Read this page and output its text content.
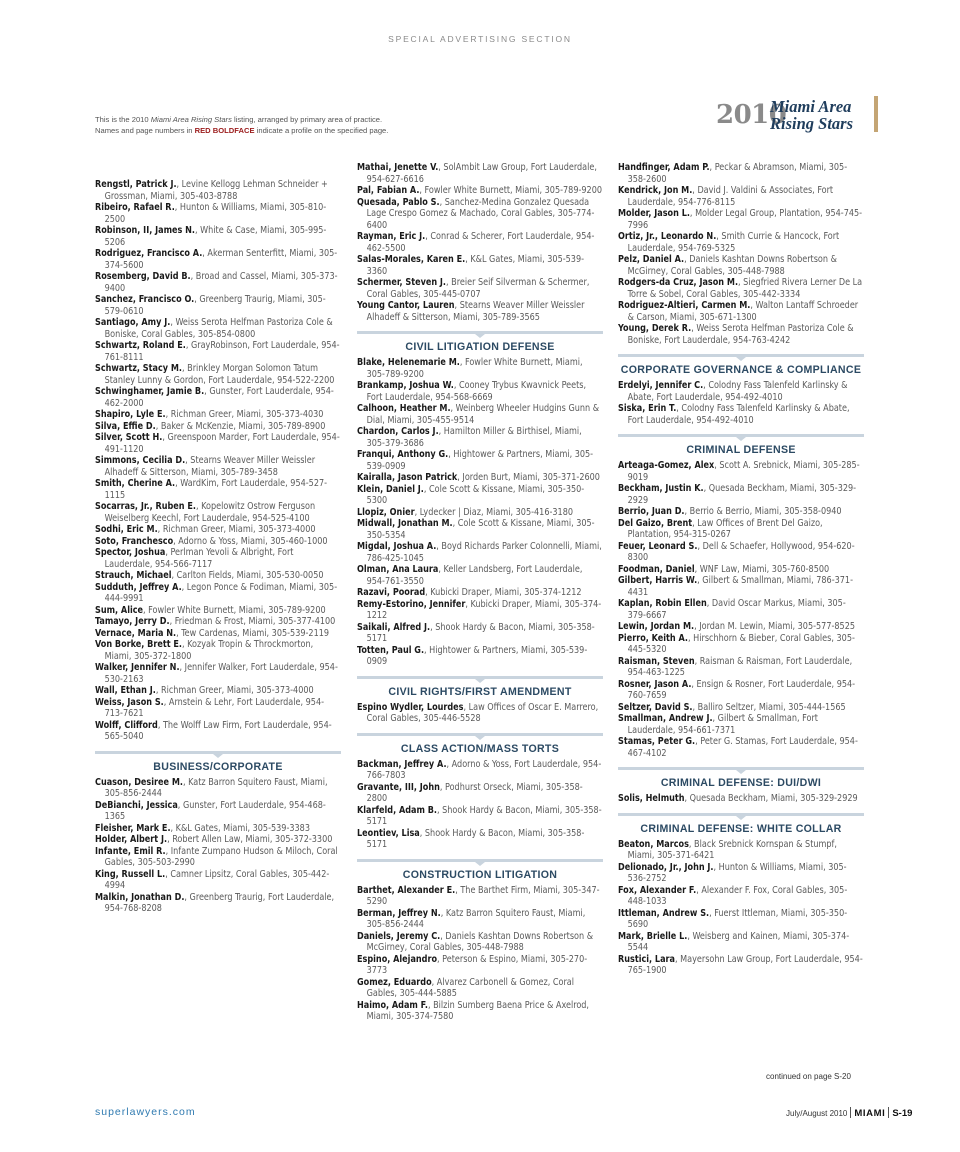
SPECIAL ADVERTISING SECTION
This is the 2010 Miami Area Rising Stars listing, arranged by primary area of practice.
Names and page numbers in RED BOLDFACE indicate a profile on the specified page.	2010
Miami Area
Rising Stars
Rengstl, Patrick J., Levine Kellogg Lehman Schneider + Grossman, Miami, 305-403-8788
Ribeiro, Rafael R., Hunton & Williams, Miami, 305-810-2500
Robinson, II, James N., White & Case, Miami, 305-995-5206
Rodriguez, Francisco A., Akerman Senterfitt, Miami, 305-374-5600
Rosemberg, David B., Broad and Cassel, Miami, 305-373-9400
Sanchez, Francisco O., Greenberg Traurig, Miami, 305-579-0610
Santiago, Amy J., Weiss Serota Helfman Pastoriza Cole & Boniske, Coral Gables, 305-854-0800
Schwartz, Roland E., GrayRobinson, Fort Lauderdale, 954-761-8111
Schwartz, Stacy M., Brinkley Morgan Solomon Tatum Stanley Lunny & Gordon, Fort Lauderdale, 954-522-2200
Schwinghamer, Jamie B., Gunster, Fort Lauderdale, 954-462-2000
Shapiro, Lyle E., Richman Greer, Miami, 305-373-4030
Silva, Effie D., Baker & McKenzie, Miami, 305-789-8900
Silver, Scott H., Greenspoon Marder, Fort Lauderdale, 954-491-1120
Simmons, Cecilia D., Stearns Weaver Miller Weissler Alhadeff & Sitterson, Miami, 305-789-3458
Smith, Cherine A., WardKim, Fort Lauderdale, 954-527-1115
Socarras, Jr., Ruben E., Kopelowitz Ostrow Ferguson Weiselberg Keechl, Fort Lauderdale, 954-525-4100
Sodhi, Eric M., Richman Greer, Miami, 305-373-4000
Soto, Franchesco, Adorno & Yoss, Miami, 305-460-1000
Spector, Joshua, Perlman Yevoli & Albright, Fort Lauderdale, 954-566-7117
Strauch, Michael, Carlton Fields, Miami, 305-530-0050
Sudduth, Jeffrey A., Legon Ponce & Fodiman, Miami, 305-444-9991
Sum, Alice, Fowler White Burnett, Miami, 305-789-9200
Tamayo, Jerry D., Friedman & Frost, Miami, 305-377-4100
Vernace, Maria N., Tew Cardenas, Miami, 305-539-2119
Von Borke, Brett E., Kozyak Tropin & Throckmorton, Miami, 305-372-1800
Walker, Jennifer N., Jennifer Walker, Fort Lauderdale, 954-530-2163
Wall, Ethan J., Richman Greer, Miami, 305-373-4000
Weiss, Jason S., Arnstein & Lehr, Fort Lauderdale, 954-713-7621
Wolff, Clifford, The Wolff Law Firm, Fort Lauderdale, 954-565-5040
BUSINESS/CORPORATE
Cuason, Desiree M., Katz Barron Squitero Faust, Miami, 305-856-2444
DeBianchi, Jessica, Gunster, Fort Lauderdale, 954-468-1365
Fleisher, Mark E., K&L Gates, Miami, 305-539-3383
Holder, Albert J., Robert Allen Law, Miami, 305-372-3300
Infante, Emil R., Infante Zumpano Hudson & Miloch, Coral Gables, 305-503-2990
King, Russell L., Camner Lipsitz, Coral Gables, 305-442-4994
Malkin, Jonathan D., Greenberg Traurig, Fort Lauderdale, 954-768-8208
Mathai, Jenette V., SolAmbit Law Group, Fort Lauderdale, 954-627-6616
Pal, Fabian A., Fowler White Burnett, Miami, 305-789-9200
Quesada, Pablo S., Sanchez-Medina Gonzalez Quesada Lage Crespo Gomez & Machado, Coral Gables, 305-774-6400
Rayman, Eric J., Conrad & Scherer, Fort Lauderdale, 954-462-5500
Salas-Morales, Karen E., K&L Gates, Miami, 305-539-3360
Schermer, Steven J., Breier Seif Silverman & Schermer, Coral Gables, 305-445-0707
Young Cantor, Lauren, Stearns Weaver Miller Weissler Alhadeff & Sitterson, Miami, 305-789-3565
CIVIL LITIGATION DEFENSE
Blake, Helenemarie M., Fowler White Burnett, Miami, 305-789-9200
Brankamp, Joshua W., Cooney Trybus Kwavnick Peets, Fort Lauderdale, 954-568-6669
Calhoon, Heather M., Weinberg Wheeler Hudgins Gunn & Dial, Miami, 305-455-9514
Chardon, Carlos J., Hamilton Miller & Birthisel, Miami, 305-379-3686
Franqui, Anthony G., Hightower & Partners, Miami, 305-539-0909
Kairalla, Jason Patrick, Jorden Burt, Miami, 305-371-2600
Klein, Daniel J., Cole Scott & Kissane, Miami, 305-350-5300
Llopiz, Onier, Lydecker | Diaz, Miami, 305-416-3180
Midwall, Jonathan M., Cole Scott & Kissane, Miami, 305-350-5354
Migdal, Joshua A., Boyd Richards Parker Colonnelli, Miami, 786-425-1045
Olman, Ana Laura, Keller Landsberg, Fort Lauderdale, 954-761-3550
Razavi, Poorad, Kubicki Draper, Miami, 305-374-1212
Remy-Estorino, Jennifer, Kubicki Draper, Miami, 305-374-1212
Saikali, Alfred J., Shook Hardy & Bacon, Miami, 305-358-5171
Totten, Paul G., Hightower & Partners, Miami, 305-539-0909
CIVIL RIGHTS/FIRST AMENDMENT
Espino Wydler, Lourdes, Law Offices of Oscar E. Marrero, Coral Gables, 305-446-5528
CLASS ACTION/MASS TORTS
Backman, Jeffrey A., Adorno & Yoss, Fort Lauderdale, 954-766-7803
Gravante, III, John, Podhurst Orseck, Miami, 305-358-2800
Klarfeld, Adam B., Shook Hardy & Bacon, Miami, 305-358-5171
Leontiev, Lisa, Shook Hardy & Bacon, Miami, 305-358-5171
CONSTRUCTION LITIGATION
Barthet, Alexander E., The Barthet Firm, Miami, 305-347-5290
Berman, Jeffrey N., Katz Barron Squitero Faust, Miami, 305-856-2444
Daniels, Jeremy C., Daniels Kashtan Downs Robertson & McGirney, Coral Gables, 305-448-7988
Espino, Alejandro, Peterson & Espino, Miami, 305-270-3773
Gomez, Eduardo, Alvarez Carbonell & Gomez, Coral Gables, 305-444-5885
Haimo, Adam F., Bilzin Sumberg Baena Price & Axelrod, Miami, 305-374-7580
Handfinger, Adam P., Peckar & Abramson, Miami, 305-358-2600
Kendrick, Jon M., David J. Valdini & Associates, Fort Lauderdale, 954-776-8115
Molder, Jason L., Molder Legal Group, Plantation, 954-745-7996
Ortiz, Jr., Leonardo N., Smith Currie & Hancock, Fort Lauderdale, 954-769-5325
Pelz, Daniel A., Daniels Kashtan Downs Robertson & McGirney, Coral Gables, 305-448-7988
Rodgers-da Cruz, Jason M., Siegfried Rivera Lerner De La Torre & Sobel, Coral Gables, 305-442-3334
Rodriguez-Altieri, Carmen M., Walton Lantaff Schroeder & Carson, Miami, 305-671-1300
Young, Derek R., Weiss Serota Helfman Pastoriza Cole & Boniske, Fort Lauderdale, 954-763-4242
CORPORATE GOVERNANCE & COMPLIANCE
Erdelyi, Jennifer C., Colodny Fass Talenfeld Karlinsky & Abate, Fort Lauderdale, 954-492-4010
Siska, Erin T., Colodny Fass Talenfeld Karlinsky & Abate, Fort Lauderdale, 954-492-4010
CRIMINAL DEFENSE
Arteaga-Gomez, Alex, Scott A. Srebnick, Miami, 305-285-9019
Beckham, Justin K., Quesada Beckham, Miami, 305-329-2929
Berrio, Juan D., Berrio & Berrio, Miami, 305-358-0940
Del Gaizo, Brent, Law Offices of Brent Del Gaizo, Plantation, 954-315-0267
Feuer, Leonard S., Dell & Schaefer, Hollywood, 954-620-8300
Foodman, Daniel, WNF Law, Miami, 305-760-8500
Gilbert, Harris W., Gilbert & Smallman, Miami, 786-371-4431
Kaplan, Robin Ellen, David Oscar Markus, Miami, 305-379-6667
Lewin, Jordan M., Jordan M. Lewin, Miami, 305-577-8525
Pierro, Keith A., Hirschhorn & Bieber, Coral Gables, 305-445-5320
Raisman, Steven, Raisman & Raisman, Fort Lauderdale, 954-463-1225
Rosner, Jason A., Ensign & Rosner, Fort Lauderdale, 954-760-7659
Seltzer, David S., Balliro Seltzer, Miami, 305-444-1565
Smallman, Andrew J., Gilbert & Smallman, Fort Lauderdale, 954-661-7371
Stamas, Peter G., Peter G. Stamas, Fort Lauderdale, 954-467-4102
CRIMINAL DEFENSE: DUI/DWI
Solis, Helmuth, Quesada Beckham, Miami, 305-329-2929
CRIMINAL DEFENSE: WHITE COLLAR
Beaton, Marcos, Black Srebnick Kornspan & Stumpf, Miami, 305-371-6421
Delionado, Jr., John J., Hunton & Williams, Miami, 305-536-2752
Fox, Alexander F., Alexander F. Fox, Coral Gables, 305-448-1033
Ittleman, Andrew S., Fuerst Ittleman, Miami, 305-350-5690
Mark, Brielle L., Weisberg and Kainen, Miami, 305-374-5544
Rustici, Lara, Mayersohn Law Group, Fort Lauderdale, 954-765-1900
continued on page S-20
superlawyers.com	July/August 2010 MIAMI S-19
